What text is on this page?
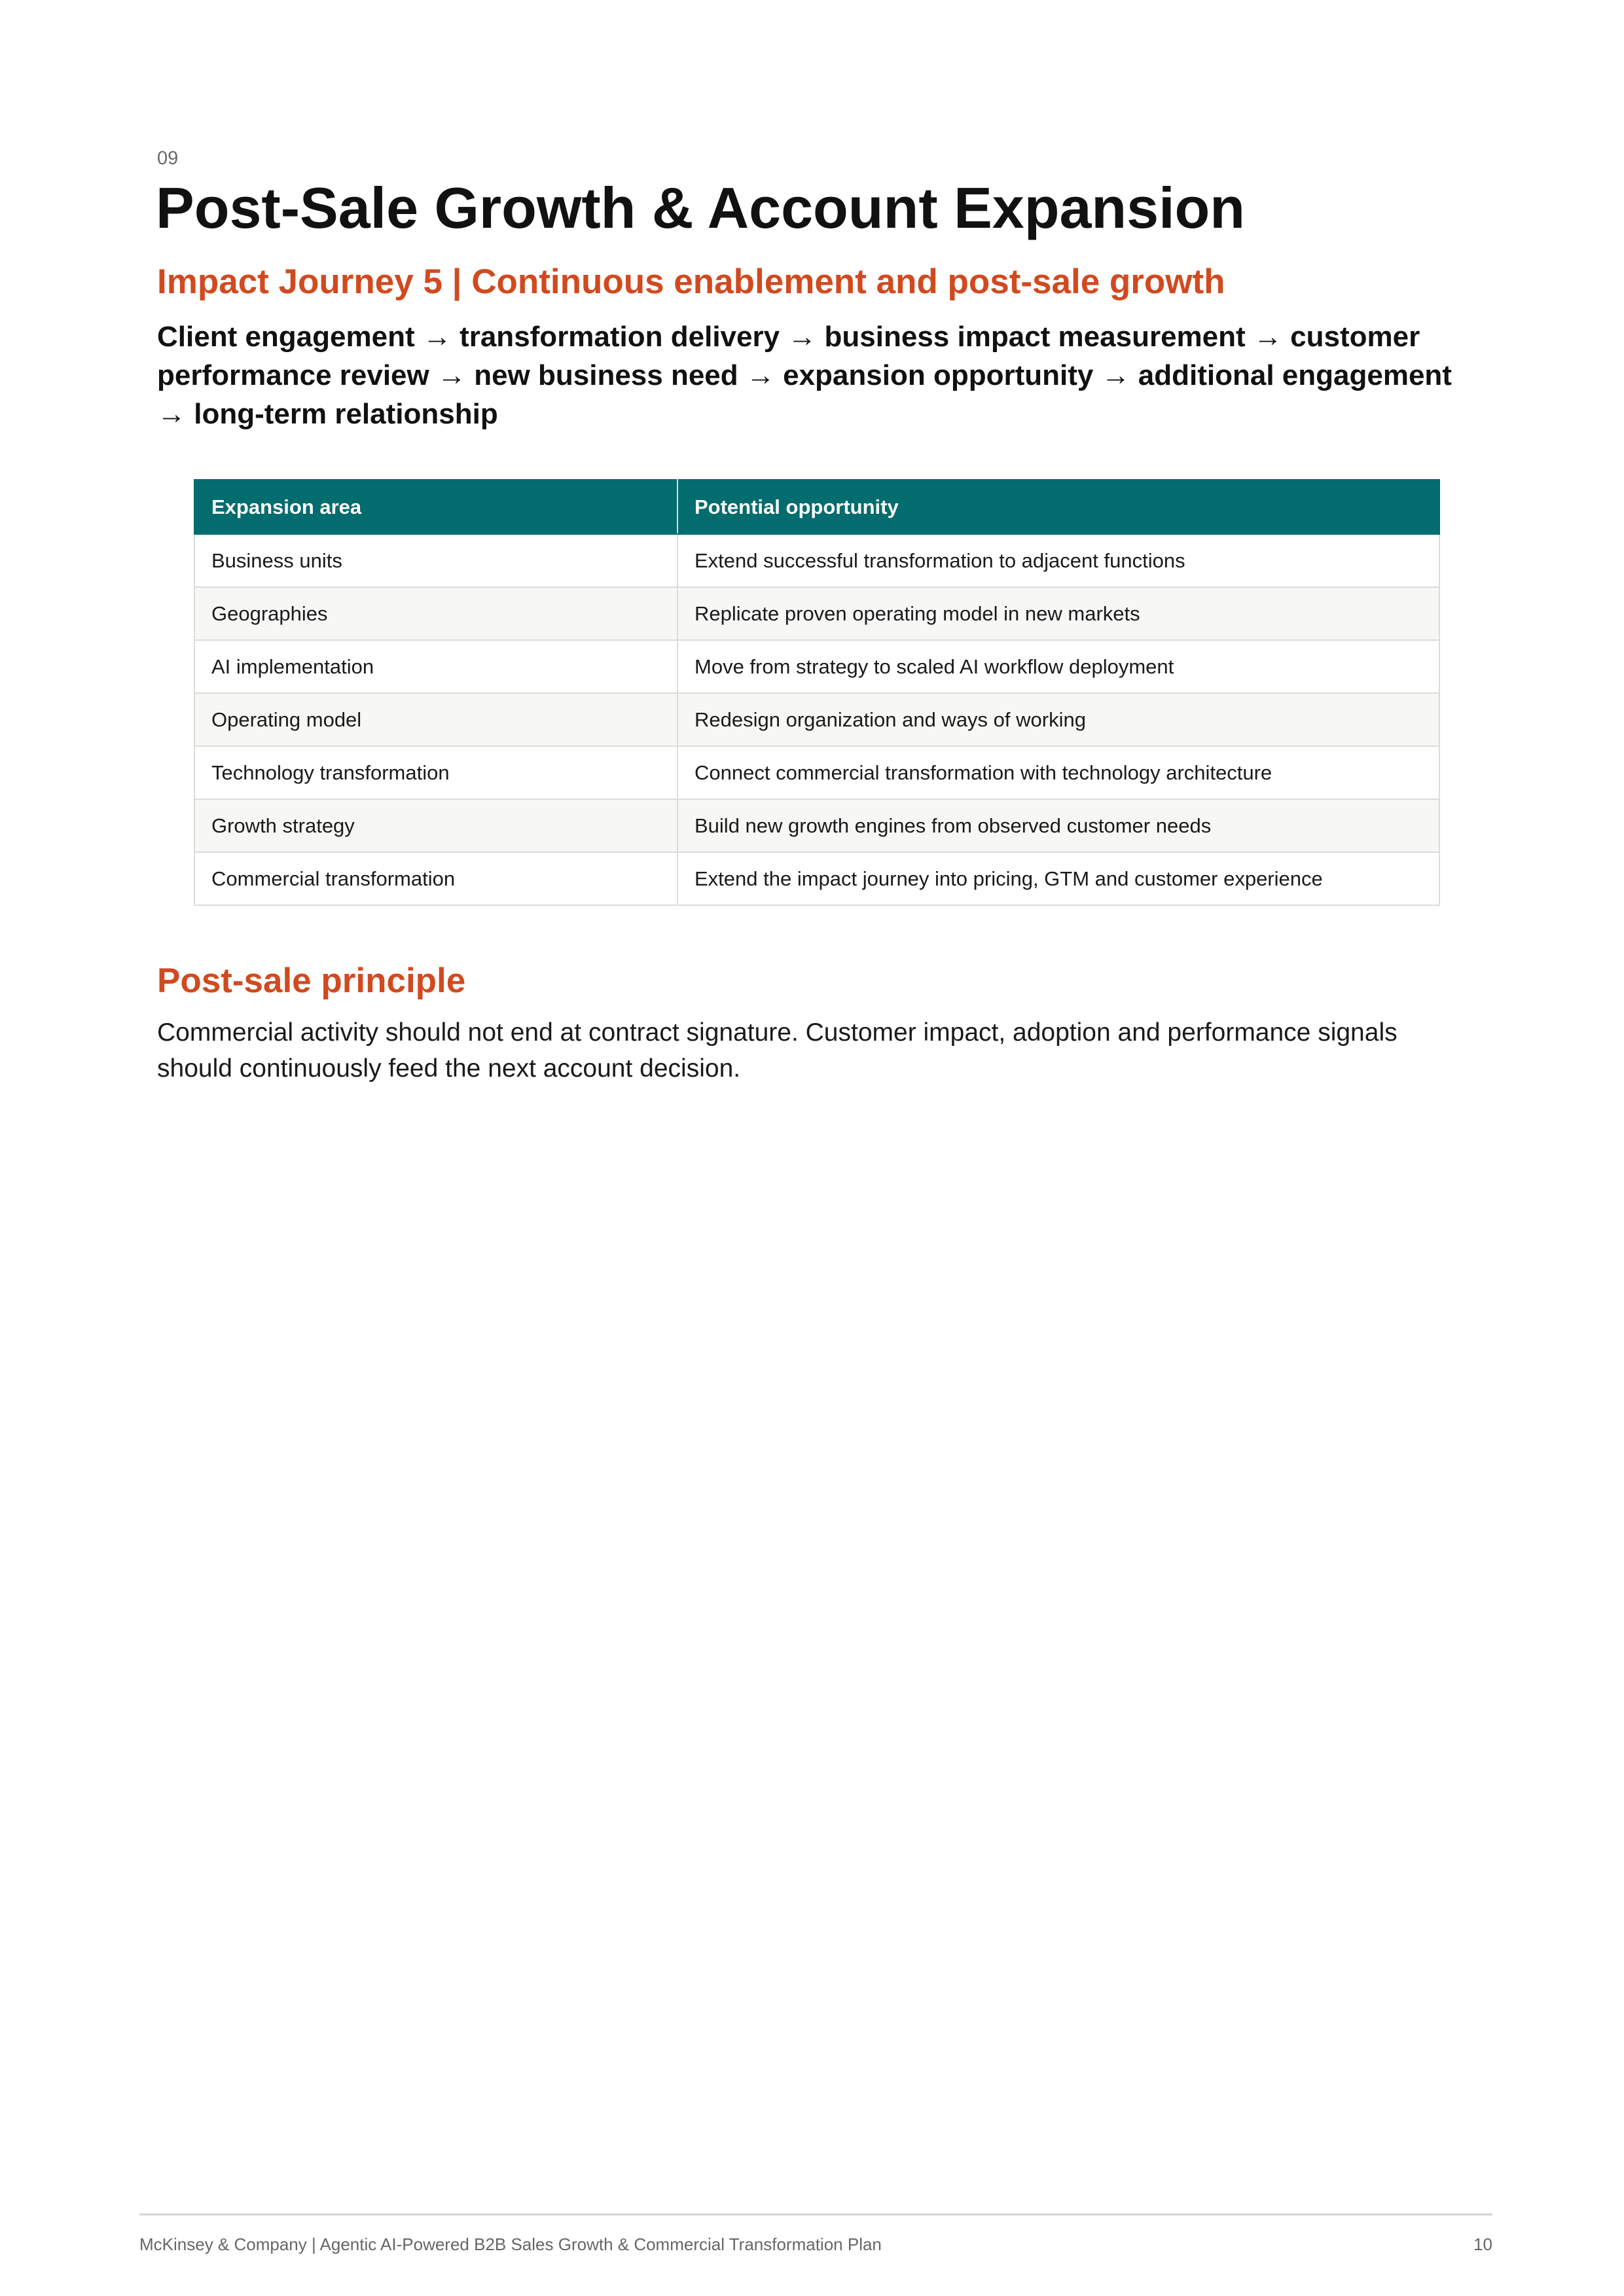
09
Post-Sale Growth & Account Expansion
Impact Journey 5 | Continuous enablement and post-sale growth

Client engagement → transformation delivery → business impact measurement → customer performance review → new business need → expansion opportunity → additional engagement → long-term relationship

Expansion area	Potential opportunity
Business units	Extend successful transformation to adjacent functions
Geographies	Replicate proven operating model in new markets
AI implementation	Move from strategy to scaled AI workflow deployment
Operating model	Redesign organization and ways of working
Technology transformation	Connect commercial transformation with technology architecture
Growth strategy	Build new growth engines from observed customer needs
Commercial transformation	Extend the impact journey into pricing, GTM and customer experience
Post-sale principle

Commercial activity should not end at contract signature. Customer impact, adoption and performance signals should continuously feed the next account decision.

McKinsey & Company | Agentic AI-Powered B2B Sales Growth & Commercial Transformation Plan	10
